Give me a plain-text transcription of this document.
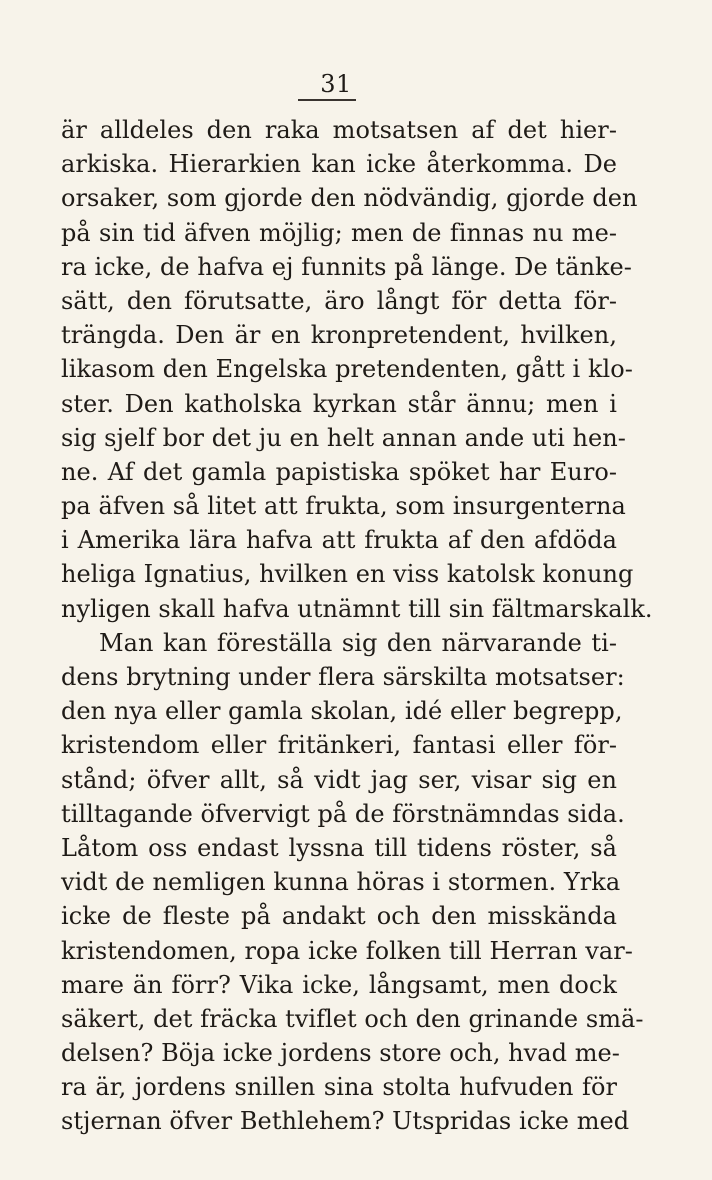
31
är alldeles den raka motsatsen af det hier-
arkiska. Hierarkien kan icke återkomma. De
orsaker, som gjorde den nödvändig, gjorde den
på sin tid äfven möjlig; men de finnas nu me-
ra icke, de hafva ej funnits på länge. De tänke-
sätt, den förutsatte, äro långt för detta för-
trängda. Den är en kronpretendent, hvilken,
likasom den Engelska pretendenten, gått i klo-
ster. Den katholska kyrkan står ännu; men i
sig sjelf bor det ju en helt annan ande uti hen-
ne. Af det gamla papistiska spöket har Euro-
pa äfven så litet att frukta, som insurgenterna
i Amerika lära hafva att frukta af den afdöda
heliga Ignatius, hvilken en viss katolsk konung
nyligen skall hafva utnämnt till sin fältmarskalk.
Man kan föreställa sig den närvarande ti-
dens brytning under flera särskilta motsatser:
den nya eller gamla skolan, idé eller begrepp,
kristendom eller fritänkeri, fantasi eller för-
stånd; öfver allt, så vidt jag ser, visar sig en
tilltagande öfvervigt på de förstnämndas sida.
Låtom oss endast lyssna till tidens röster, så
vidt de nemligen kunna höras i stormen. Yrka
icke de fleste på andakt och den misskända
kristendomen, ropa icke folken till Herran var-
mare än förr? Vika icke, långsamt, men dock
säkert, det fräcka tviflet och den grinande smä-
delsen? Böja icke jordens store och, hvad me-
ra är, jordens snillen sina stolta hufvuden för
stjernan öfver Bethlehem? Utspridas icke med
